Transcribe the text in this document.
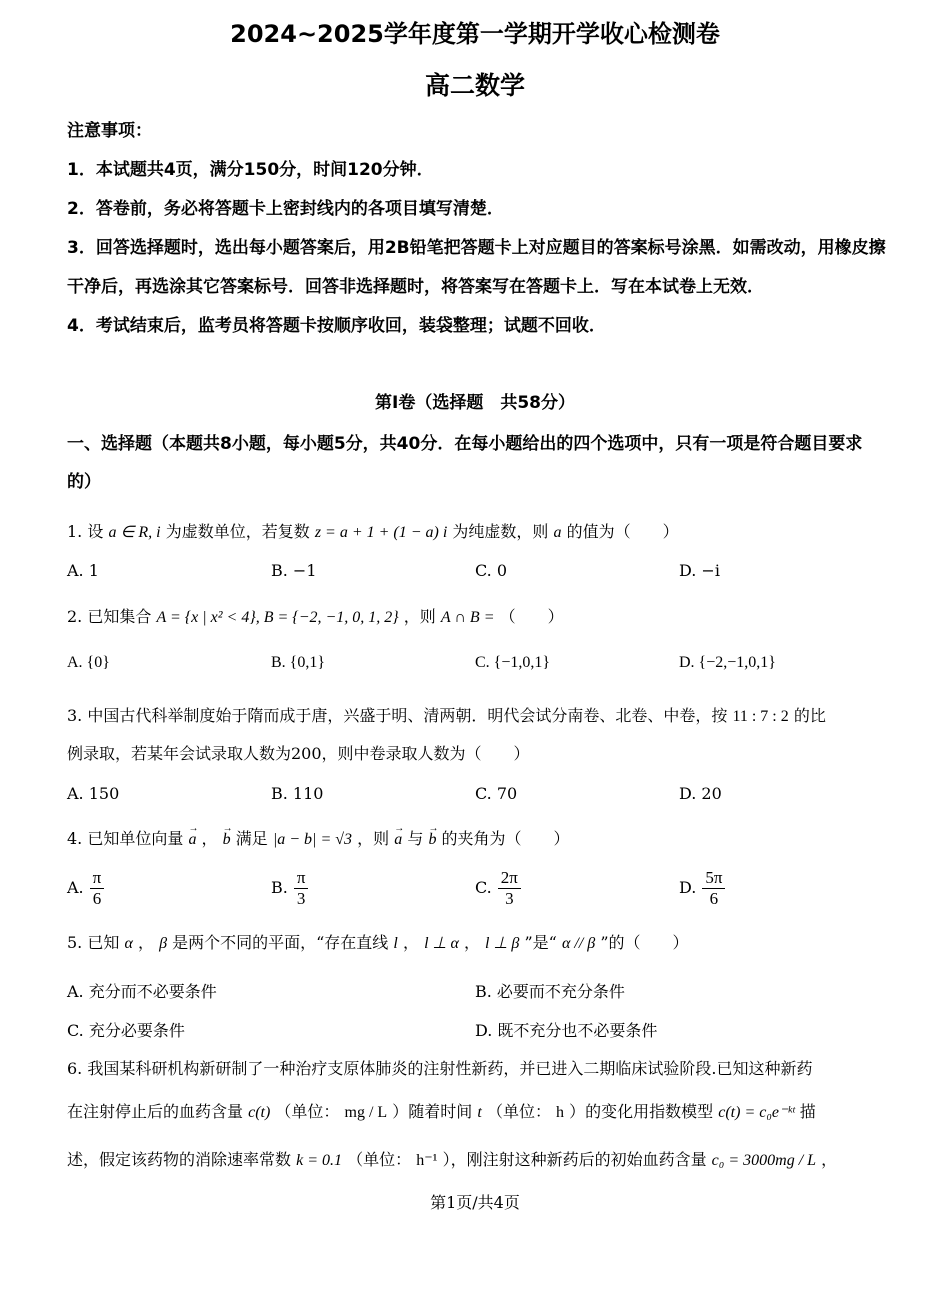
2024~2025学年度第一学期开学收心检测卷
高二数学

注意事项：

1．本试题共4页，满分150分，时间120分钟．

2．答卷前，务必将答题卡上密封线内的各项目填写清楚．

3．回答选择题时，选出每小题答案后，用2B铅笔把答题卡上对应题目的答案标号涂黑．如需改动，用橡皮擦干净后，再选涂其它答案标号．回答非选择题时，将答案写在答题卡上．写在本试卷上无效．

4．考试结束后，监考员将答题卡按顺序收回，装袋整理；试题不回收．

第Ⅰ卷（选择题　共58分）
一、选择题（本题共8小题，每小题5分，共40分．在每小题给出的四个选项中，只有一项是符合题目要求的）
1. 设 a ∈ R, i 为虚数单位，若复数 z = a + 1 + (1 − a) i 为纯虚数，则 a 的值为（　　）
A. 1	B. −1	C. 0	D. −i
2. 已知集合 A = {x | x² < 4}, B = {−2, −1, 0, 1, 2} ，则 A ∩ B = （　　）
A. {0}	B. {0,1}	C. {−1,0,1}	D. {−2,−1,0,1}
3. 中国古代科举制度始于隋而成于唐，兴盛于明、清两朝．明代会试分南卷、北卷、中卷，按 11 : 7 : 2 的比
例录取，若某年会试录取人数为200，则中卷录取人数为（　　）
A. 150	B. 110	C. 70	D. 20
4. 已知单位向量 → a ， → b 满足 |a − b| = √3 ，则 → a 与 → b 的夹角为（　　）
A. $\frac{\pi}{6}$	B. $\frac{\pi}{3}$	C. $\frac{2\pi}{3}$	D. $\frac{5\pi}{6}$
5. 已知 α ， β 是两个不同的平面，“存在直线 l ， l ⊥ α ， l ⊥ β ”是“ α // β ”的（　　）
A. 充分而不必要条件	B. 必要而不充分条件
C. 充分必要条件	D. 既不充分也不必要条件
6. 我国某科研机构新研制了一种治疗支原体肺炎的注射性新药，并已进入二期临床试验阶段.已知这种新药
在注射停止后的血药含量 c(t) （单位： mg / L ）随着时间 t （单位： h ）的变化用指数模型 c(t) = c₀e⁻ᵏᵗ 描
述，假定该药物的消除速率常数 k = 0.1 （单位： h⁻¹ ），刚注射这种新药后的初始血药含量 c₀ = 3000mg / L ，
第1页/共4页
